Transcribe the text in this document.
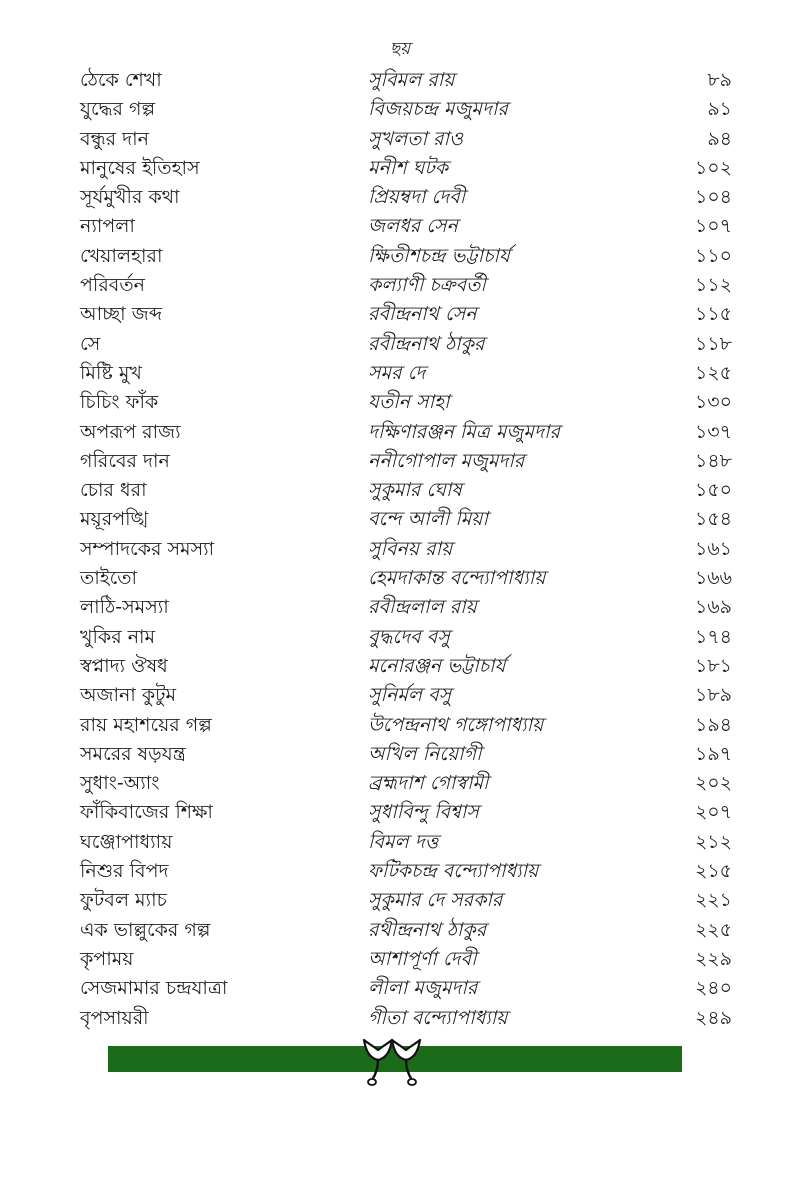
ছয়
ঠেকে শেখা	সুবিমল রায়	৮৯
যুদ্ধের গল্প	বিজয়চন্দ্র মজুমদার	৯১
বন্ধুর দান	সুখলতা রাও	৯৪
মানুষের ইতিহাস	মনীশ ঘটক	১০২
সূর্যমুখীর কথা	প্রিয়ম্বদা দেবী	১০৪
ন্যাপলা	জলধর সেন	১০৭
খেয়ালহারা	ক্ষিতীশচন্দ্র ভট্টাচার্য	১১০
পরিবর্তন	কল্যাণী চক্রবর্তী	১১২
আচ্ছা জব্দ	রবীন্দ্রনাথ সেন	১১৫
সে	রবীন্দ্রনাথ ঠাকুর	১১৮
মিষ্টি মুখ	সমর দে	১২৫
চিচিং ফাঁক	যতীন সাহা	১৩০
অপরূপ রাজ্য	দক্ষিণারঞ্জন মিত্র মজুমদার	১৩৭
গরিবের দান	ননীগোপাল মজুমদার	১৪৮
চোর ধরা	সুকুমার ঘোষ	১৫০
ময়ূরপঙ্খি	বন্দে আলী মিয়া	১৫৪
সম্পাদকের সমস্যা	সুবিনয় রায়	১৬১
তাইতো	হেমদাকান্ত বন্দ্যোপাধ্যায়	১৬৬
লাঠি-সমস্যা	রবীন্দ্রলাল রায়	১৬৯
খুকির নাম	বুদ্ধদেব বসু	১৭৪
স্বপ্নাদ্য ঔষধ	মনোরঞ্জন ভট্টাচার্য	১৮১
অজানা কুটুম	সুনির্মল বসু	১৮৯
রায় মহাশয়ের গল্প	উপেন্দ্রনাথ গঙ্গোপাধ্যায়	১৯৪
সমরের ষড়যন্ত্র	অখিল নিয়োগী	১৯৭
সুধাং-অ্যাং	ব্রহ্মদাশ গোস্বামী	২০২
ফাঁকিবাজের শিক্ষা	সুধাবিন্দু বিশ্বাস	২০৭
ঘঞ্জোপাধ্যায়	বিমল দত্ত	২১২
নিশুর বিপদ	ফটিকচন্দ্র বন্দ্যোপাধ্যায়	২১৫
ফুটবল ম্যাচ	সুকুমার দে সরকার	২২১
এক ভাল্লুকের গল্প	রথীন্দ্রনাথ ঠাকুর	২২৫
কৃপাময়	আশাপূর্ণা দেবী	২২৯
সেজমামার চন্দ্রযাত্রা	লীলা মজুমদার	২৪০
বৃপসায়রী	গীতা বন্দ্যোপাধ্যায়	২৪৯
